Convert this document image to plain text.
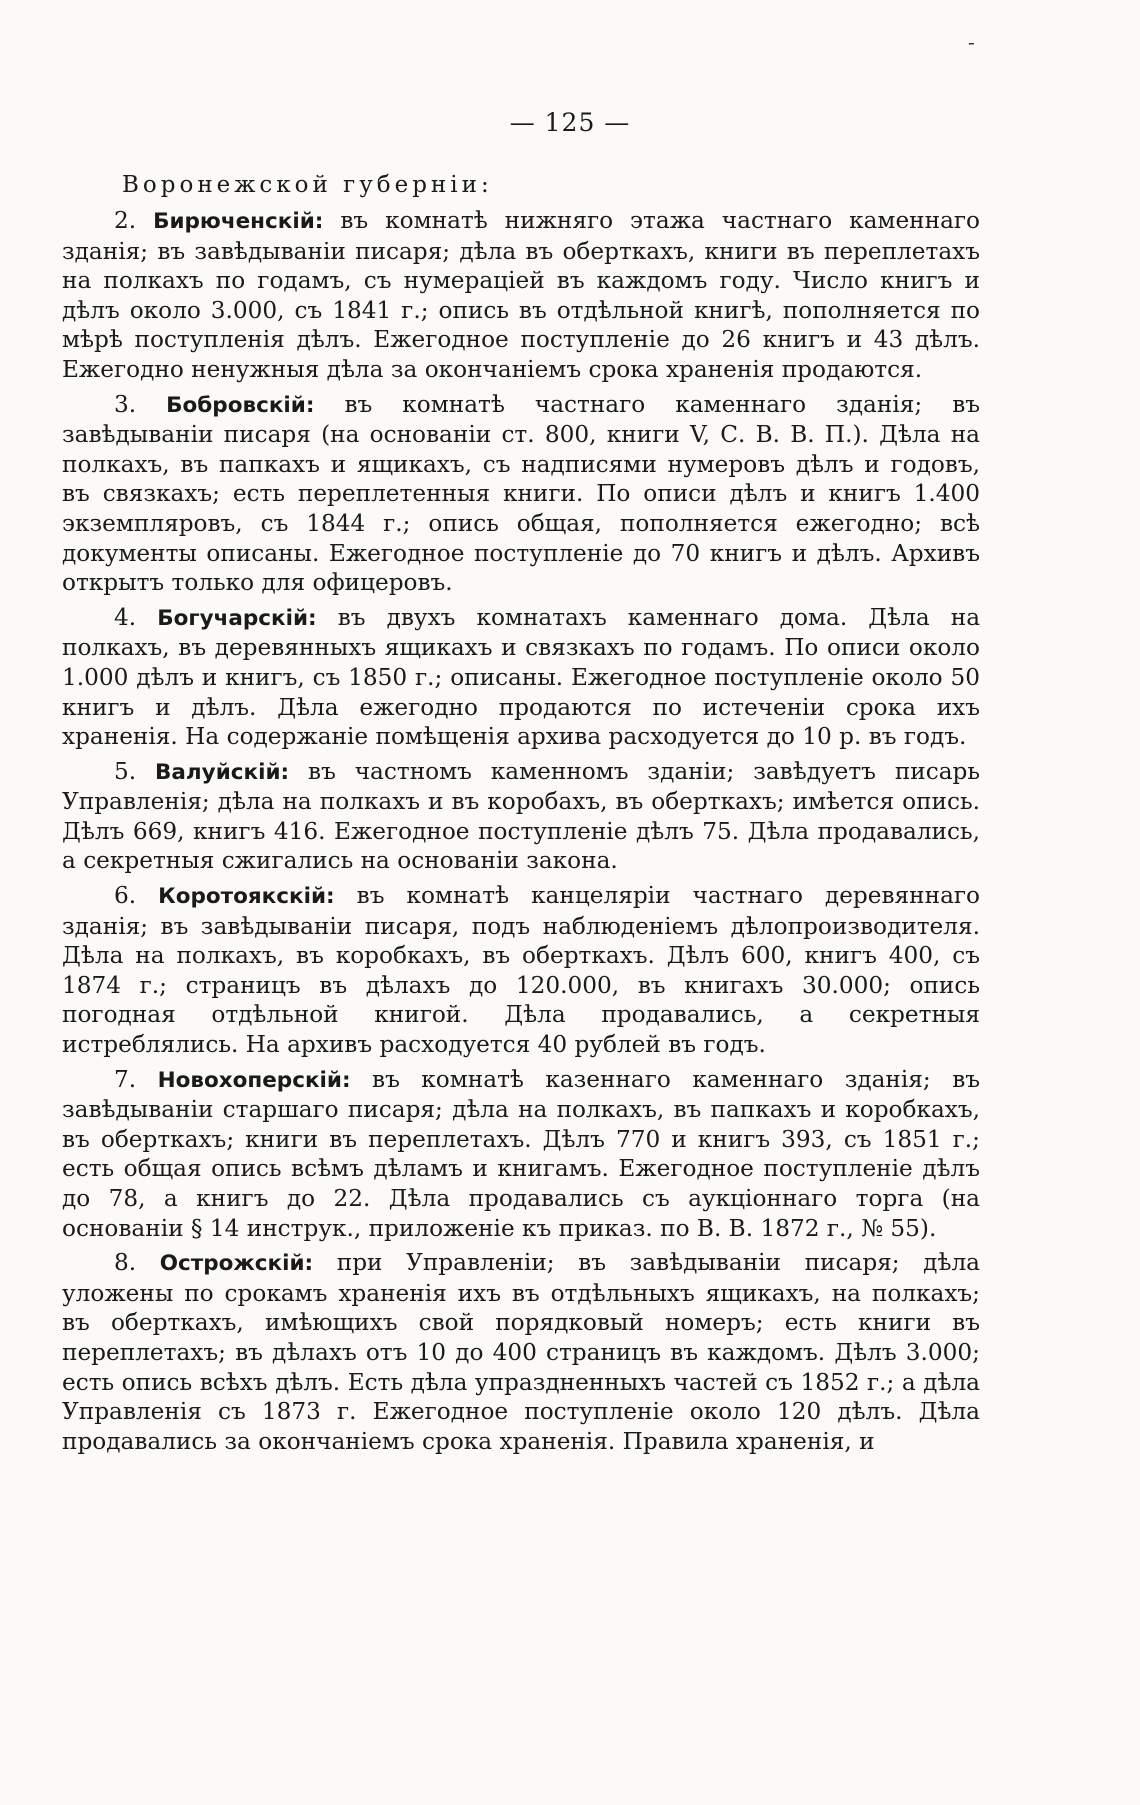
-
— 125 —

Воронежской губерніи:

2. Бирюченскій: въ комнатѣ нижняго этажа частнаго каменнаго зданія; въ завѣдываніи писаря; дѣла въ оберткахъ, книги въ переплетахъ на полкахъ по годамъ, съ нумераціей въ каждомъ году. Число книгъ и дѣлъ около 3.000, съ 1841 г.; опись въ отдѣльной книгѣ, пополняется по мѣрѣ поступленія дѣлъ. Ежегодное поступленіе до 26 книгъ и 43 дѣлъ. Ежегодно ненужныя дѣла за окончаніемъ срока храненія продаются.

3. Бобровскій: въ комнатѣ частнаго каменнаго зданія; въ завѣдываніи писаря (на основаніи ст. 800, книги V, С. В. В. П.). Дѣла на полкахъ, въ папкахъ и ящикахъ, съ надписями нумеровъ дѣлъ и годовъ, въ связкахъ; есть переплетенныя книги. По описи дѣлъ и книгъ 1.400 экземпляровъ, съ 1844 г.; опись общая, пополняется ежегодно; всѣ документы описаны. Ежегодное поступленіе до 70 книгъ и дѣлъ. Архивъ открытъ только для офицеровъ.

4. Богучарскій: въ двухъ комнатахъ каменнаго дома. Дѣла на полкахъ, въ деревянныхъ ящикахъ и связкахъ по годамъ. По описи около 1.000 дѣлъ и книгъ, съ 1850 г.; описаны. Ежегодное поступленіе около 50 книгъ и дѣлъ. Дѣла ежегодно продаются по истеченіи срока ихъ храненія. На содержаніе помѣщенія архива расходуется до 10 р. въ годъ.

5. Валуйскій: въ частномъ каменномъ зданіи; завѣдуетъ писарь Управленія; дѣла на полкахъ и въ коробахъ, въ оберткахъ; имѣется опись. Дѣлъ 669, книгъ 416. Ежегодное поступленіе дѣлъ 75. Дѣла продавались, а секретныя сжигались на основаніи закона.

6. Коротоякскій: въ комнатѣ канцеляріи частнаго деревяннаго зданія; въ завѣдываніи писаря, подъ наблюденіемъ дѣлопроизводителя. Дѣла на полкахъ, въ коробкахъ, въ оберткахъ. Дѣлъ 600, книгъ 400, съ 1874 г.; страницъ въ дѣлахъ до 120.000, въ книгахъ 30.000; опись погодная отдѣльной книгой. Дѣла продавались, а секретныя истреблялись. На архивъ расходуется 40 рублей въ годъ.

7. Новохоперскій: въ комнатѣ казеннаго каменнаго зданія; въ завѣдываніи старшаго писаря; дѣла на полкахъ, въ папкахъ и коробкахъ, въ оберткахъ; книги въ переплетахъ. Дѣлъ 770 и книгъ 393, съ 1851 г.; есть общая опись всѣмъ дѣламъ и книгамъ. Ежегодное поступленіе дѣлъ до 78, а книгъ до 22. Дѣла продавались съ аукціоннаго торга (на основаніи § 14 инструк., приложеніе къ приказ. по В. В. 1872 г., № 55).

8. Острожскій: при Управленіи; въ завѣдываніи писаря; дѣла уложены по срокамъ храненія ихъ въ отдѣльныхъ ящикахъ, на полкахъ; въ оберткахъ, имѣющихъ свой порядковый номеръ; есть книги въ переплетахъ; въ дѣлахъ отъ 10 до 400 страницъ въ каждомъ. Дѣлъ 3.000; есть опись всѣхъ дѣлъ. Есть дѣла упраздненныхъ частей съ 1852 г.; а дѣла Управленія съ 1873 г. Ежегодное поступленіе около 120 дѣлъ. Дѣла продавались за окончаніемъ срока храненія. Правила храненія, и
